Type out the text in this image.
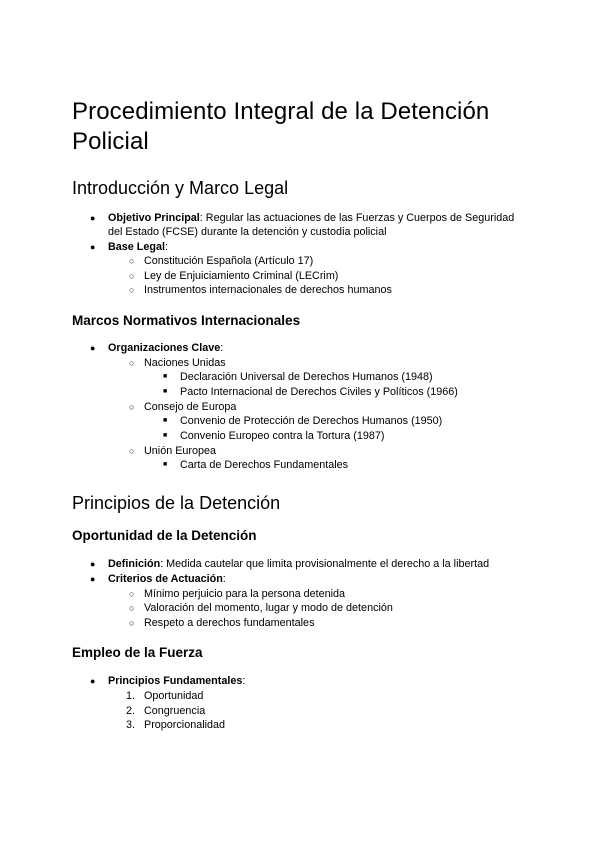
Procedimiento Integral de la Detención
Policial
Introducción y Marco Legal
● Objetivo Principal: Regular las actuaciones de las Fuerzas y Cuerpos de Seguridad
del Estado (FCSE) durante la detención y custodia policial
● Base Legal:
○ Constitución Española (Artículo 17)
○ Ley de Enjuiciamiento Criminal (LECrim)
○ Instrumentos internacionales de derechos humanos
Marcos Normativos Internacionales
● Organizaciones Clave:
○ Naciones Unidas
■ Declaración Universal de Derechos Humanos (1948)
■ Pacto Internacional de Derechos Civiles y Políticos (1966)
○ Consejo de Europa
■ Convenio de Protección de Derechos Humanos (1950)
■ Convenio Europeo contra la Tortura (1987)
○ Unión Europea
■ Carta de Derechos Fundamentales
Principios de la Detención
Oportunidad de la Detención
● Definición: Medida cautelar que limita provisionalmente el derecho a la libertad
● Criterios de Actuación:
○ Mínimo perjuicio para la persona detenida
○ Valoración del momento, lugar y modo de detención
○ Respeto a derechos fundamentales
Empleo de la Fuerza
● Principios Fundamentales:
1. Oportunidad
2. Congruencia
3. Proporcionalidad
